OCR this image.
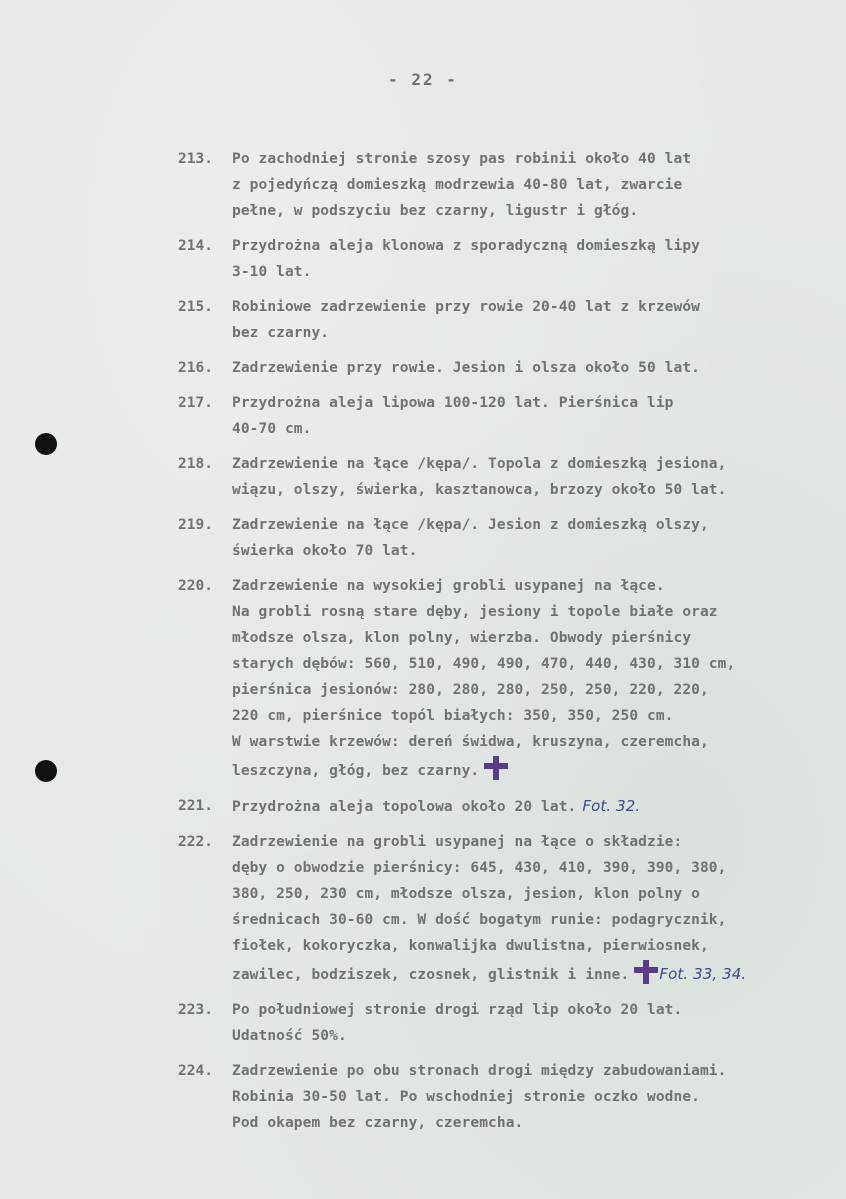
- 22 -
213.	Po zachodniej stronie szosy pas robinii około 40 lat
z pojedyńczą domieszką modrzewia 40-80 lat, zwarcie
pełne, w podszyciu bez czarny, ligustr i głóg.
214.	Przydrożna aleja klonowa z sporadyczną domieszką lipy
3-10 lat.
215.	Robiniowe zadrzewienie przy rowie 20-40 lat z krzewów
bez czarny.
216.	Zadrzewienie przy rowie. Jesion i olsza około 50 lat.
217.	Przydrożna aleja lipowa 100-120 lat. Pierśnica lip
40-70 cm.
218.	Zadrzewienie na łące /kępa/. Topola z domieszką jesiona,
wiązu, olszy, świerka, kasztanowca, brzozy około 50 lat.
219.	Zadrzewienie na łące /kępa/. Jesion z domieszką olszy,
świerka około 70 lat.
220.	Zadrzewienie na wysokiej grobli usypanej na łące.
Na grobli rosną stare dęby, jesiony i topole białe oraz
młodsze olsza, klon polny, wierzba. Obwody pierśnicy
starych dębów: 560, 510, 490, 490, 470, 440, 430, 310 cm,
pierśnica jesionów: 280, 280, 280, 250, 250, 220, 220,
220 cm, pierśnice topól białych: 350, 350, 250 cm.
W warstwie krzewów: dereń świdwa, kruszyna, czeremcha,
leszczyna, głóg, bez czarny.
221.	Przydrożna aleja topolowa około 20 lat. Fot. 32.
222.	Zadrzewienie na grobli usypanej na łące o składzie:
dęby o obwodzie pierśnicy: 645, 430, 410, 390, 390, 380,
380, 250, 230 cm, młodsze olsza, jesion, klon polny o
średnicach 30-60 cm. W dość bogatym runie: podagrycznik,
fiołek, kokoryczka, konwalijka dwulistna, pierwiosnek,
zawilec, bodziszek, czosnek, glistnik i inne. Fot. 33, 34.
223.	Po południowej stronie drogi rząd lip około 20 lat.
Udatność 50%.
224.	Zadrzewienie po obu stronach drogi między zabudowaniami.
Robinia 30-50 lat. Po wschodniej stronie oczko wodne.
Pod okapem bez czarny, czeremcha.
